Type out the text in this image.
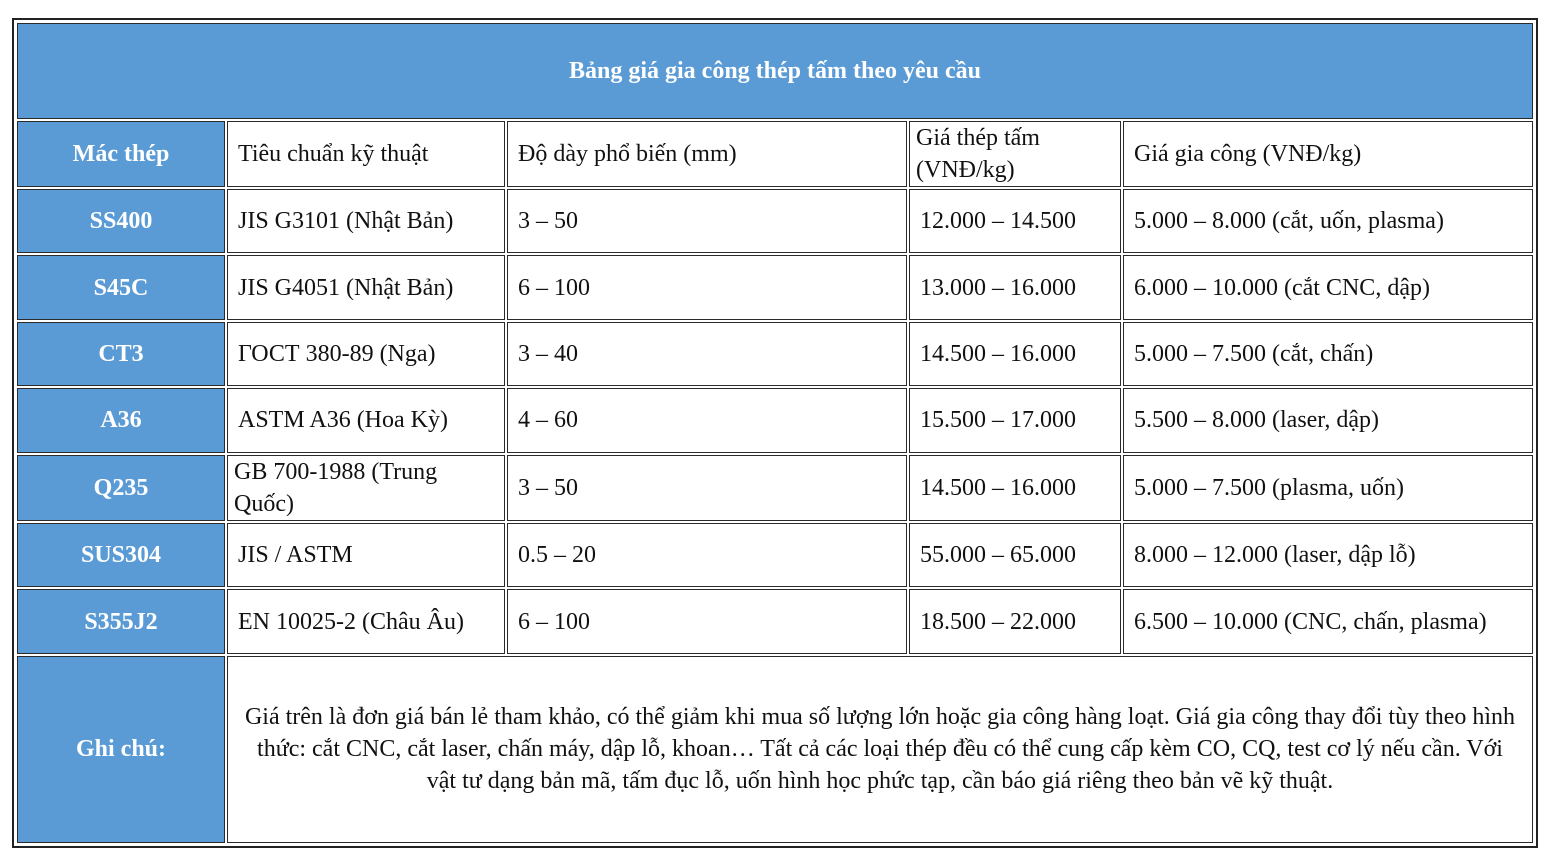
Bảng giá gia công thép tấm theo yêu cầu				
Mác thép	Tiêu chuẩn kỹ thuật	Độ dày phổ biến (mm)	Giá thép tấm (VNĐ/kg)	Giá gia công (VNĐ/kg)
SS400	JIS G3101 (Nhật Bản)	3 – 50	12.000 – 14.500	5.000 – 8.000 (cắt, uốn, plasma)
S45C	JIS G4051 (Nhật Bản)	6 – 100	13.000 – 16.000	6.000 – 10.000 (cắt CNC, dập)
CT3	ГОСТ 380-89 (Nga)	3 – 40	14.500 – 16.000	5.000 – 7.500 (cắt, chấn)
A36	ASTM A36 (Hoa Kỳ)	4 – 60	15.500 – 17.000	5.500 – 8.000 (laser, dập)
Q235	GB 700-1988 (Trung Quốc)	3 – 50	14.500 – 16.000	5.000 – 7.500 (plasma, uốn)
SUS304	JIS / ASTM	0.5 – 20	55.000 – 65.000	8.000 – 12.000 (laser, dập lỗ)
S355J2	EN 10025-2 (Châu Âu)	6 – 100	18.500 – 22.000	6.500 – 10.000 (CNC, chấn, plasma)
Ghi chú:	Giá trên là đơn giá bán lẻ tham khảo, có thể giảm khi mua số lượng lớn hoặc gia công hàng loạt. Giá gia công thay đổi tùy theo hình thức: cắt CNC, cắt laser, chấn máy, dập lỗ, khoan… Tất cả các loại thép đều có thể cung cấp kèm CO, CQ, test cơ lý nếu cần. Với vật tư dạng bản mã, tấm đục lỗ, uốn hình học phức tạp, cần báo giá riêng theo bản vẽ kỹ thuật.			
